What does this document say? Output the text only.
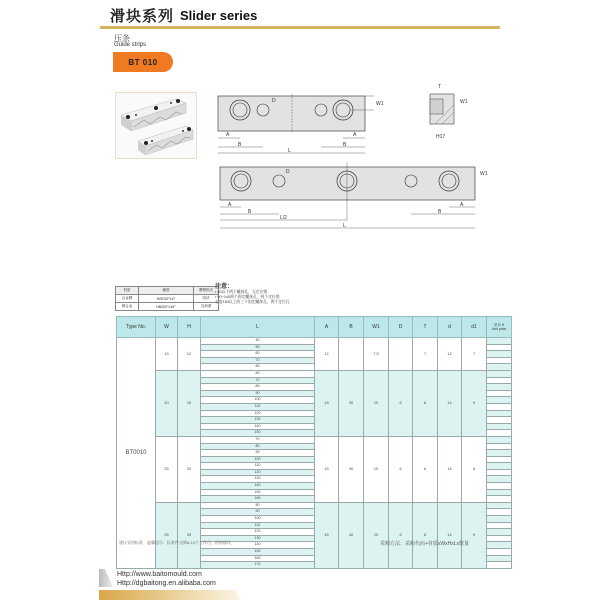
滑块系列 Slider series
压条
Guide strips
BT 010
D	W1
A
B
A
B
L
T
W1
H17
D	W1
A
B
L/2
A
B
L
材质	硬度	摩擦形式
合金钢	HRC52°±2°	同状
铜合金	HB200°±10°	自润滑
注意：
• 80以下两个螺丝孔，无定位销
• 90~140两个固定螺丝孔，两个定位销
长度150以上的三个固定螺丝孔，两个定位孔
Type No.	W	H	L	A	B	W1	D	T	d	d1	单价 ¥
Unit price
BT0010	19	12	40	12		7.5		7	12	7	
			50								
			60								
			70								
			80								
	20	15	60	15	30	10	6	6	14	9	
			70								
			80								
			90								
			100								
			110								
			120								
			130								
			140								
			150								
	25	20	70	15	30	10	6	6	14	8	
			80								
			90								
			100								
			110								
			120								
			130								
			140								
			150								
			160								
	25	25	80	15	40	10	6	8	14	9	
			90								
			100								
			110								
			120								
			130								
			140								
			150								
			160								
			170								
建议采用标准　温馨提示：标准件交期8-13个工作日，价格面议。	采购方法：采购代码+材质xWxHxLx数量
Http://www.baitomould.com
Http://dgbaitong.en.alibaba.com
